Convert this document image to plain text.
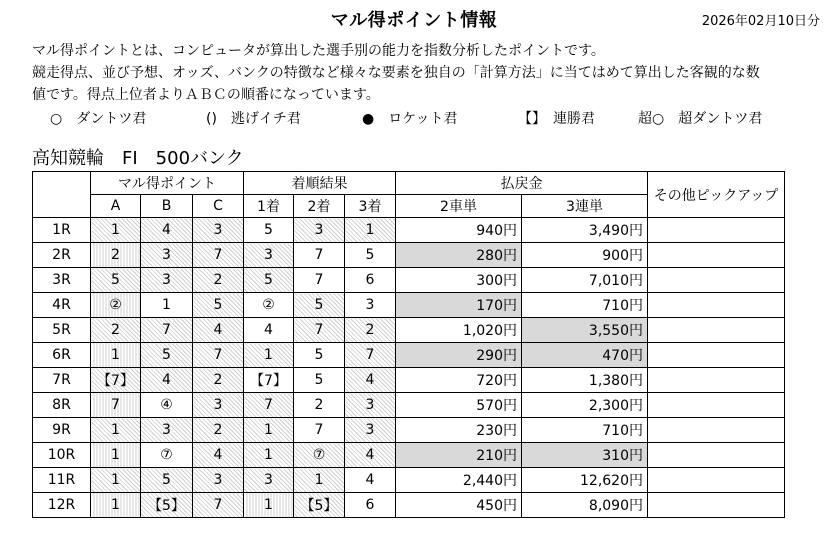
マル得ポイント情報	2026年02月10日分
マル得ポイントとは、コンピュータが算出した選手別の能力を指数分析したポイントです。
競走得点、並び予想、オッズ、バンクの特徴など様々な要素を独自の「計算方法」に当てはめて算出した客観的な数
値です。得点上位者よりＡＢＣの順番になっています。
○　ダントツ君	()　逃げイチ君	●　ロケット君	【】　連勝君	超○　超ダントツ君
高知競輪　FI　500バンク
	マル得ポイント			着順結果			払戻金		その他ピックアップ
	A	B	C	1着	2着	3着	2車単	3連単	
1R	1	4	3	5	3	1	940円	3,490円	
2R	2	3	7	3	7	5	280円	900円	
3R	5	3	2	5	7	6	300円	7,010円	
4R	②	1	5	②	5	3	170円	710円	
5R	2	7	4	4	7	2	1,020円	3,550円	
6R	1	5	7	1	5	7	290円	470円	
7R	【7】	4	2	【7】	5	4	720円	1,380円	
8R	7	④	3	7	2	3	570円	2,300円	
9R	1	3	2	1	7	3	230円	710円	
10R	1	⑦	4	1	⑦	4	210円	310円	
11R	1	5	3	3	1	4	2,440円	12,620円	
12R	1	【5】	7	1	【5】	6	450円	8,090円	
